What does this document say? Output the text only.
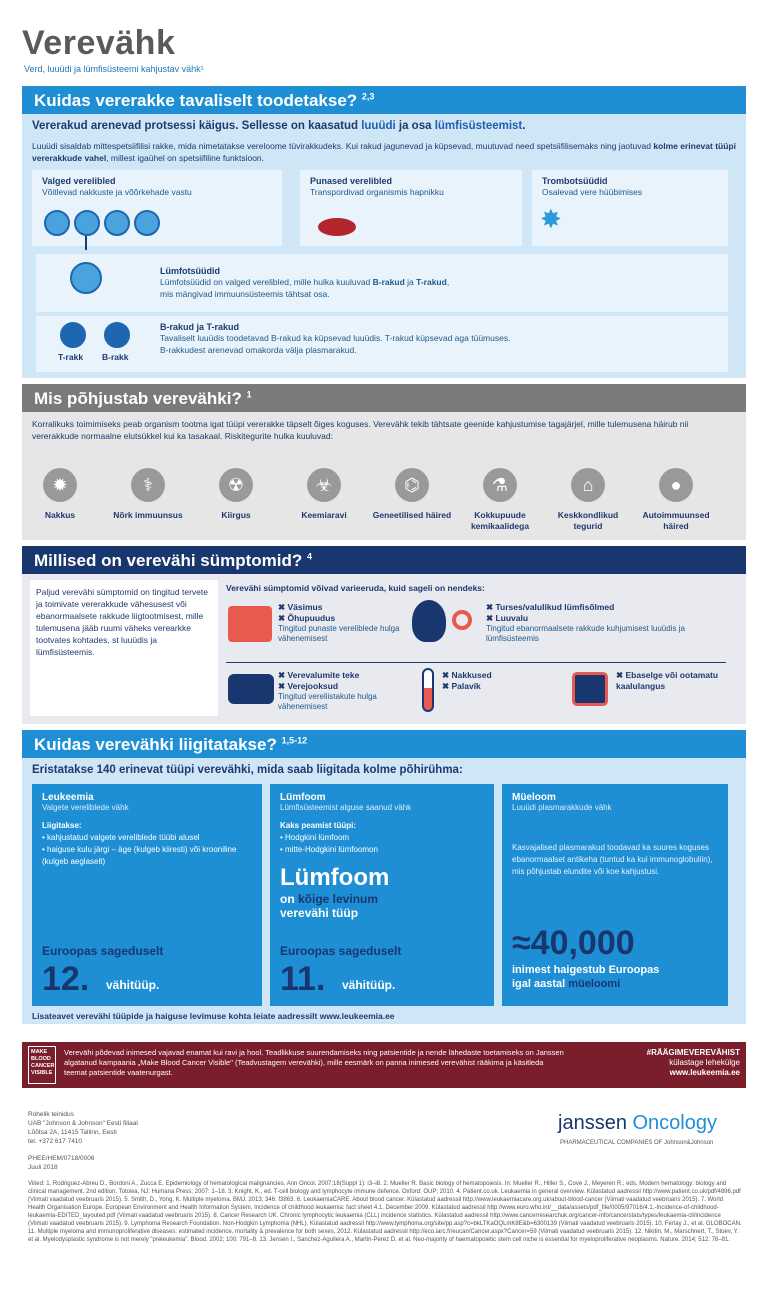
Verevähk
Verd, luuüdi ja lümfisüsteemi kahjustav vähk¹
Kuidas vererakke tavaliselt toodetakse? $^{2,3}$
Vererakud arenevad protsessi käigus. Sellesse on kaasatud luuüdi ja osa lümfisüsteemist.
Luuüdi sisaldab mittespetsiifilisi rakke, mida nimetatakse vereloome tüvirakkudeks. Kui rakud jagunevad ja küpsevad, muutuvad need spetsiifilisemaks ning jaotuvad kolme erinevat tüüpi vererakkude vahel, millest igaühel on spetsiifiline funktsioon.
Valged verelibled
Võitlevad nakkuste ja võõrkehade vastu
Punased verelibled
Transpordivad organismis hapnikku
Trombotsüüdid
Osalevad vere hüübimises
✸
Lümfotsüüdid
Lümfotsüüdid on valged verelibled, mille hulka kuuluvad B-rakud ja T-rakud,
mis mängivad immuunsüsteemis tähtsat osa.
T-rakk B-rakk
B-rakud ja T-rakud
Tavaliselt luuüdis toodetavad B-rakud ka küpsevad luuüdis. T-rakud küpsevad aga tüümuses.
B-rakkudest arenevad omakorda välja plasmarakud.
Mis põhjustab verevähki? $^1$
Korralikuks toimimiseks peab organism tootma igat tüüpi vererakke täpselt õiges koguses. Verevähk tekib tähtsate geenide kahjustumise tagajärjel, mille tulemusena häirub nii vererakkude normaalne elutsükkel kui ka tasakaal. Riskitegurite hulka kuuluvad:
✹
Nakkus
⚕
Nõrk immuunsus
☢
Kiirgus
☣
Keemiaravi
⌬
Geneetilised häired
⚗
Kokkupuude kemikaalidega
⌂
Keskkondlikud tegurid
●
Autoimmuunsed häired
Millised on verevähi sümptomid? $^4$
Paljud verevähi sümptomid on tingitud tervete ja toimivate vererakkude vähesusest või ebanormaalsete rakkude liigtootmisest, mille tulemusena jääb ruumi väheks verearkke tootvates kohtades, st luuüdis ja lümfisüsteemis.
Verevähi sümptomid võivad varieeruda, kuid sageli on nendeks:
✖ Väsimus
✖ Õhupuudus
Tingitud punaste vereliblede hulga vähenemisest
✖ Turses/valulikud lümfisõlmed
✖ Luuvalu
Tingitud ebanormaalsete rakkude kuhjumisest luuüdis ja lümfisüsteemis
✖ Verevalumite teke
✖ Verejooksud
Tingitud vereliistakute hulga vähenemisest
✖ Nakkused
✖ Palavik
✖ Ebaselge või ootamatu kaalulangus
Kuidas verevähki liigitatakse? $^{1,5-12}$
Eristatakse 140 erinevat tüüpi verevähki, mida saab liigitada kolme põhirühma:
Leukeemia
Valgete vereliblede vähk
Liigitakse:
• kahjustatud valgete vereliblede tüübi alusel
• haiguse kulu järgi – äge (kulgeb kiiresti) või krooniline (kulgeb aeglaselt)
Euroopas sageduselt
12. vähitüüp.
Lümfoom
Lümfisüsteemist alguse saanud vähk
Kaks peamist tüüpi:
• Hodgkini lümfoom
• mitte-Hodgkini lümfoomon
Lümfoom
on kõige levinum
verevähi tüüp
Euroopas sageduselt
11. vähitüüp.
Müeloom
Luuüdi plasmarakkude vähk
Kasvajalised plasmarakud toodavad ka suures koguses ebanormaalset antikeha (tuntud ka kui immunoglobuliin), mis põhjustab elundite või koe kahjustusi.
≈40,000
inimest haigestub Euroopas
igal aastal müeloomi
Lisateavet verevähi tüüpide ja haiguse levimuse kohta leiate aadressilt www.leukeemia.ee
MAKE BLOOD CANCER VISIBLE
Verevähi põdevad inimesed vajavad enamat kui ravi ja hool. Teadlikkuse suurendamiseks ning patsientide ja nende lähedaste toetamiseks on Janssen algatanud kampaania „Make Blood Cancer Visible" (Teadvustagem verevähki), mille eesmärk on panna inimesed verevähist rääkima ja käsitleda teemat patsientide vaatenurgast.
#RÄÄGIMEVEREVÄHIST
külastage lehekülge
www.leukeemia.ee
Rohelik teinidus
UAB "Johnson & Johnson" Eesti filiaal
Lõõtsa 2A, 11415 Tallinn, Eesti
tel. +372 617 7410
PHEE/HEM/0718/0006
Juuli 2018
janssen Oncology
PHARMACEUTICAL COMPANIES OF Johnson&Johnson
Viited: 1. Rodriguez-Abreu D., Bordoni A., Zucca E. Epidemiology of hematological malignancies. Ann Oncol. 2007;18(Suppl 1): i3–i8. 2. Mueller R. Basic biology of hematopoiesis. In: Mueller R., Hiller S., Cove J., Meyeren R., eds. Modern hematology: biology and clinical management. 2nd edition. Totowa, NJ: Humana Press; 2007: 1–18. 3. Knight, K., ed. T-cell biology and lymphocyte immune defence. Oxford: OUP; 2010. 4. Patient.co.uk. Leukaemia in general overview. Külastatud aadressil http://www.patient.co.uk/pdf/4896.pdf (Viimati vaadatud veebruaris 2015). 5. Smith, D., Yong, K. Multiple myeloma. BMJ. 2013; 346: f3863. 6. LeukaemiaCARE. About blood cancer. Külastatud aadressil http://www.leukaemiacare.org.uk/about-blood-cancer (Viimati vaadatud veebruaris 2015). 7. World Health Organisation Europe. European Environment and Health Information System. Incidence of childhood leukaemia: fact sheet 4.1. December 2009. Külastatud aadressil http://www.euro.who.int/__data/assets/pdf_file/0005/97016/4.1.-Incidence-of-childhood-leukaemia-EDITED_layouted.pdf (Viimati vaadatud veebruaris 2015). 8. Cancer Research UK. Chronic lymphocytic leukaemia (CLL) incidence statistics. Külastatud aadressil http://www.cancerresearchuk.org/cancer-info/cancerstats/types/leukaemia-cll/incidence (Viimati vaadatud veebruaris 2015). 9. Lymphoma Research Foundation. Non-Hodgkin Lymphoma (NHL). Külastatud aadressil http://www.lymphoma.org/site/pp.asp?c=bkLTKaOQLmK8E&b=6300139 (Viimati vaadatud veebruaris 2015). 10. Ferlay J., et al. GLOBOCAN. 11. Multiple myeloma and immunoproliferative diseases: estimated incidence, mortality & prevalence for both sexes, 2012. Külastatud aadressil http://eco.iarc.fr/eucan/Cancer.aspx?Cancer=59 (Viimati vaadatud veebruaris 2015). 12. Nikitin, M., Marschnert, T., Stoev, Y. et al. Myelodysplastic syndrome is not merely "preleukemia". Blood. 2002; 100: 791–8. 13. Jensen I., Sanchez-Aguilera A., Martin-Perez D. et al. Neo-majority of haematopoietic stem cell niche is essential for myeloproliferative neoplasms. Nature. 2014; 512: 78–81.
